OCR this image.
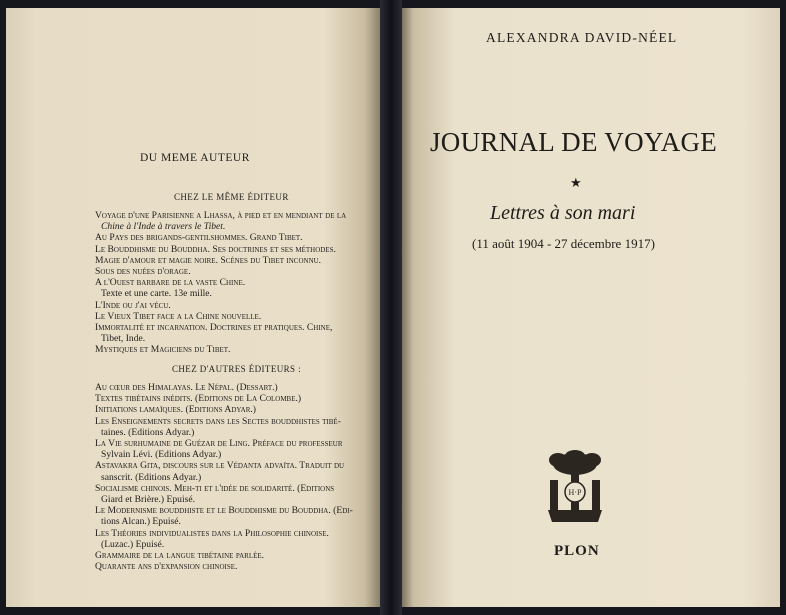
DU MEME AUTEUR
CHEZ LE MÊME ÉDITEUR
Voyage d'une Parisienne a Lhassa, à pied et en mendiant de la
Chine à l'Inde à travers le Tibet.
Au Pays des brigands-gentilshommes. Grand Tibet.
Le Bouddhisme du Bouddha. Ses doctrines et ses méthodes.
Magie d'amour et magie noire. Scènes du Tibet inconnu.
Sous des nuées d'orage.
A l'Ouest barbare de la vaste Chine.
Texte et une carte. 13e mille.
L'Inde ou j'ai vécu.
Le Vieux Tibet face a la Chine nouvelle.
Immortalité et incarnation. Doctrines et pratiques. Chine,
Tibet, Inde.
Mystiques et Magiciens du Tibet.
CHEZ D'AUTRES ÉDITEURS :
Au cœur des Himalayas. Le Népal. (Dessart.)
Textes tibétains inédits. (Editions de La Colombe.)
Initiations lamaïques. (Editions Adyar.)
Les Enseignements secrets dans les Sectes bouddhistes tibé-
taines. (Editions Adyar.)
La Vie surhumaine de Guézar de Ling. Préface du professeur
Sylvain Lévi. (Editions Adyar.)
Astavakra Gita, discours sur le Védanta advaïta. Traduit du
sanscrit. (Editions Adyar.)
Socialisme chinois. Meh-ti et l'idée de solidarité. (Editions
Giard et Brière.) Epuisé.
Le Modernisme bouddhiste et le Bouddhisme du Bouddha. (Edi-
tions Alcan.) Epuisé.
Les Théories individualistes dans la Philosophie chinoise.
(Luzac.) Epuisé.
Grammaire de la langue tibétaine parlée.
Quarante ans d'expansion chinoise.
ALEXANDRA DAVID-NÉEL
JOURNAL DE VOYAGE
★
Lettres à son mari
(11 août 1904 - 27 décembre 1917)
H·P
PLON
